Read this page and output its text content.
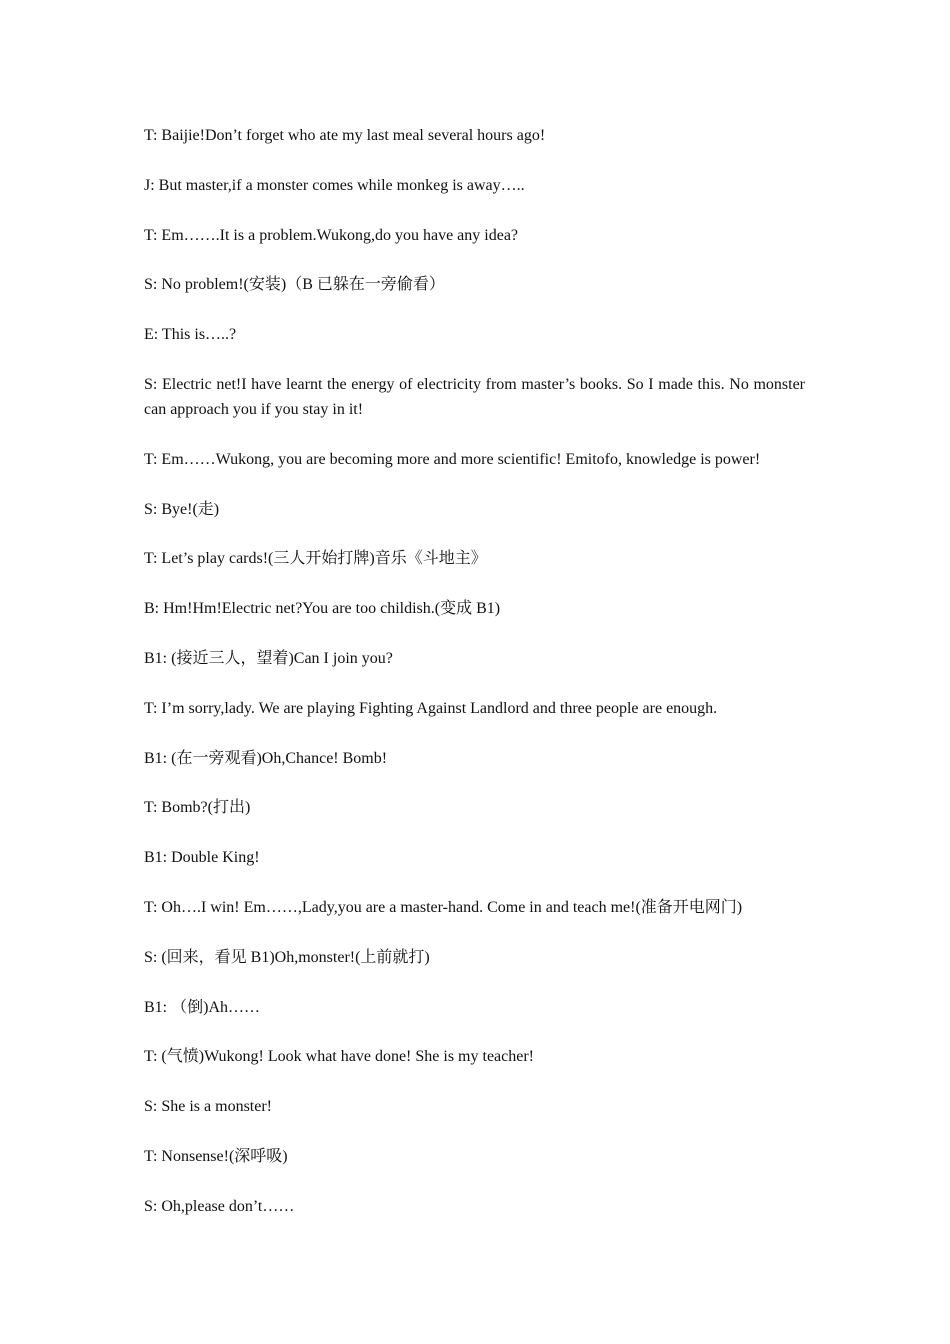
T: Baijie!Don’t forget who ate my last meal several hours ago!

J: But master,if a monster comes while monkeg is away…..

T: Em…….It is a problem.Wukong,do you have any idea?

S: No problem!(安装)（B 已躲在一旁偷看）

E: This is…..?

S: Electric net!I have learnt the energy of electricity from master’s books. So I made this. No monster can approach you if you stay in it!

T: Em……Wukong, you are becoming more and more scientific! Emitofo, knowledge is power!

S: Bye!(走)

T: Let’s play cards!(三人开始打牌)音乐《斗地主》

B: Hm!Hm!Electric net?You are too childish.(变成 B1)

B1: (接近三人，望着)Can I join you?

T: I’m sorry,lady. We are playing Fighting Against Landlord and three people are enough.

B1: (在一旁观看)Oh,Chance! Bomb!

T: Bomb?(打出)

B1: Double King!

T: Oh….I win! Em……,Lady,you are a master-hand. Come in and teach me!(准备开电网门)

S: (回来，看见 B1)Oh,monster!(上前就打)

B1: （倒)Ah……

T: (气愤)Wukong! Look what have done! She is my teacher!

S: She is a monster!

T: Nonsense!(深呼吸)

S: Oh,please don’t……
